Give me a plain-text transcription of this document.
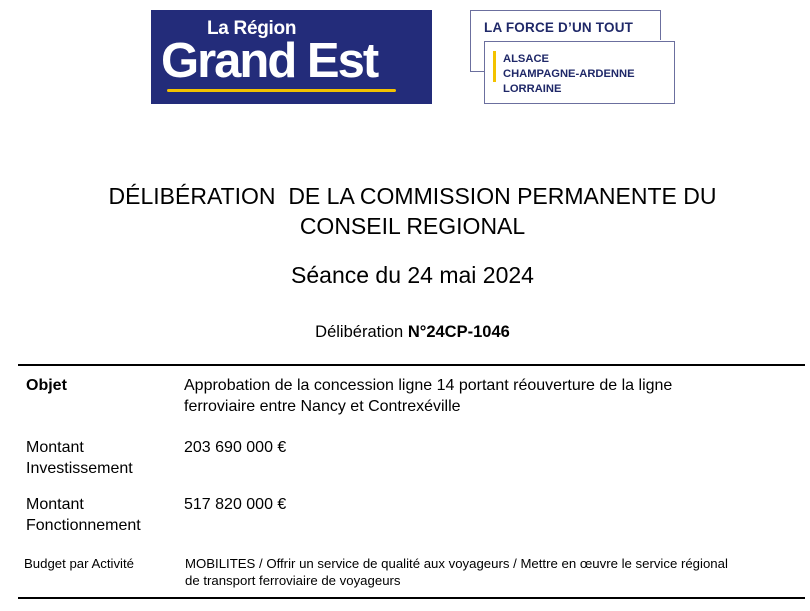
La Région
Grand Est
LA FORCE D’UN TOUT
ALSACE
CHAMPAGNE-ARDENNE
LORRAINE
DÉLIBÉRATION  DE LA COMMISSION PERMANENTE DU
CONSEIL REGIONAL
Séance du 24 mai 2024
Délibération N°24CP-1046
Objet	Approbation de la concession ligne 14 portant réouverture de la ligne
ferroviaire entre Nancy et Contrexéville
Montant
Investissement
203 690 000 €
Montant
Fonctionnement
517 820 000 €
Budget par Activité	MOBILITES / Offrir un service de qualité aux voyageurs / Mettre en œuvre le service régional
de transport ferroviaire de voyageurs
